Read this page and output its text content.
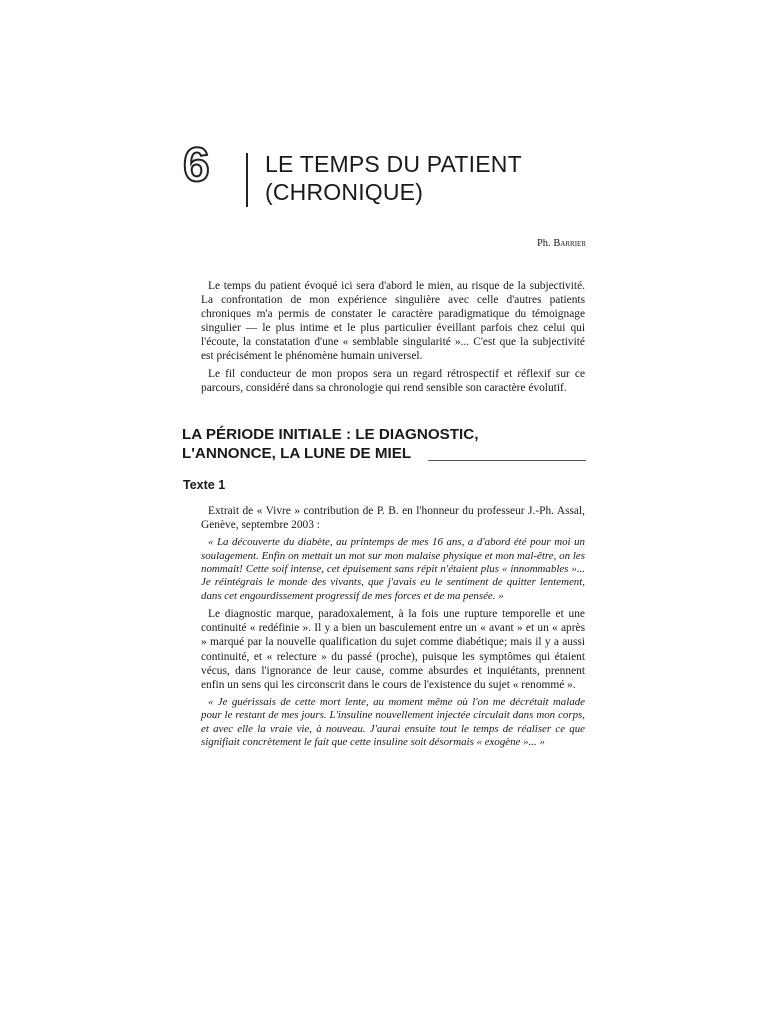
6 LE TEMPS DU PATIENT
(CHRONIQUE)
Ph. Barrier

Le temps du patient évoqué ici sera d'abord le mien, au risque de la subjectivité. La confrontation de mon expérience singulière avec celle d'autres patients chroniques m'a permis de constater le caractère paradigmatique du témoignage singulier — le plus intime et le plus particulier éveillant parfois chez celui qui l'écoute, la constatation d'une « semblable singularité »... C'est que la subjectivité est précisément le phénomène humain universel.

Le fil conducteur de mon propos sera un regard rétrospectif et réflexif sur ce parcours, considéré dans sa chronologie qui rend sensible son caractère évolutif.

LA PÉRIODE INITIALE : LE DIAGNOSTIC,
L'ANNONCE, LA LUNE DE MIEL
Texte 1

Extrait de « Vivre » contribution de P. B. en l'honneur du professeur J.-Ph. Assal, Genève, septembre 2003 :

« La découverte du diabète, au printemps de mes 16 ans, a d'abord été pour moi un soulagement. Enfin on mettait un mot sur mon malaise physique et mon mal-être, on les nommait! Cette soif intense, cet épuisement sans répit n'étaient plus « innommables »... Je réintégrais le monde des vivants, que j'avais eu le sentiment de quitter lentement, dans cet engourdissement progressif de mes forces et de ma pensée. »

Le diagnostic marque, paradoxalement, à la fois une rupture temporelle et une continuité « redéfinie ». Il y a bien un basculement entre un « avant » et un « après » marqué par la nouvelle qualification du sujet comme diabétique; mais il y a aussi continuité, et « relecture » du passé (proche), puisque les symptômes qui étaient vécus, dans l'ignorance de leur cause, comme absurdes et inquiétants, prennent enfin un sens qui les circonscrit dans le cours de l'existence du sujet « renommé ».

« Je guérissais de cette mort lente, au moment même où l'on me décrétait malade pour le restant de mes jours. L'insuline nouvellement injectée circulait dans mon corps, et avec elle la vraie vie, à nouveau. J'aurai ensuite tout le temps de réaliser ce que signifiait concrètement le fait que cette insuline soit désormais « exogène »... »
